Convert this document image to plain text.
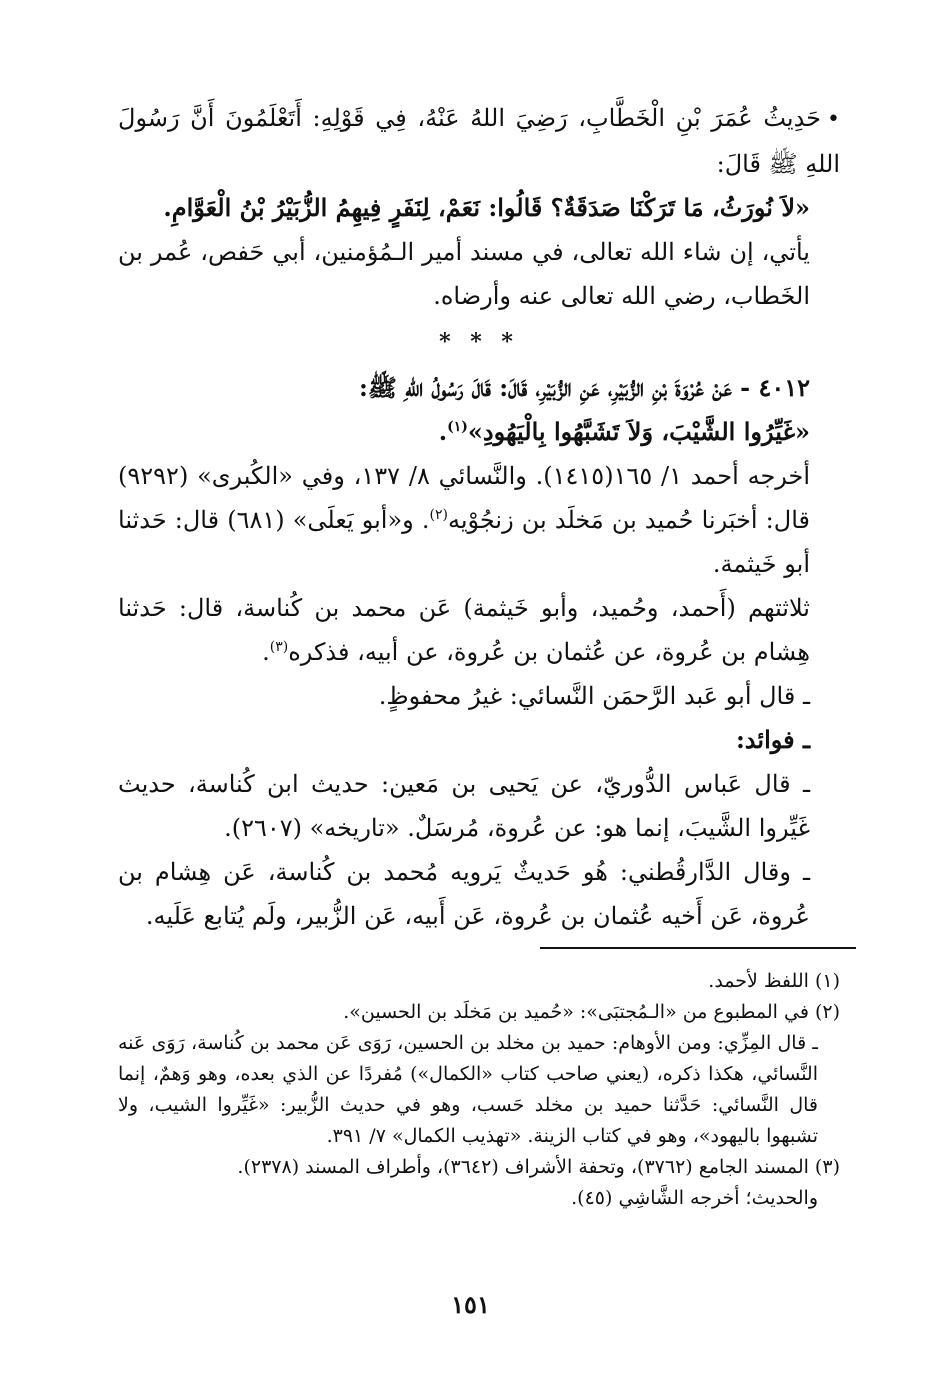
•حَدِيثُ عُمَرَ بْنِ الْخَطَّابِ، رَضِيَ اللهُ عَنْهُ، فِي قَوْلِهِ: أَتَعْلَمُونَ أَنَّ رَسُولَ اللهِ ﷺ قَالَ:

«لاَ نُورَثُ، مَا تَرَكْنَا صَدَقَةٌ؟ قَالُوا: نَعَمْ، لِنَفَرٍ فِيهِمُ الزُّبَيْرُ بْنُ الْعَوَّامِ.

يأتي، إن شاء الله تعالى، في مسند أمير الـمُؤمنين، أبي حَفص، عُمر بن الخَطاب، رضي الله تعالى عنه وأرضاه.

* * *

٤٠١٢ - عَنْ عُرْوَةَ بْنِ الزُّبَيْرِ، عَنِ الزُّبَيْرِ، قَالَ: قَالَ رَسُولُ اللهِ ﷺ:

«غَيِّرُوا الشَّيْبَ، وَلاَ تَشَبَّهُوا بِالْيَهُودِ»$^{(١)}$.

أخرجه أحمد ١/ ١٦٥(١٤١٥). والنَّسائي ٨/ ١٣٧، وفي «الكُبرى» (٩٢٩٢) قال: أخبَرنا حُميد بن مَخلَد بن زنجُوْيه$^{(٢)}$. و«أبو يَعلَى» (٦٨١) قال: حَدثنا أبو خَيثمة.

ثلاثتهم (أَحمد، وحُميد، وأبو خَيثمة) عَن محمد بن كُناسة، قال: حَدثنا هِشام بن عُروة، عن عُثمان بن عُروة، عن أبيه، فذكره$^{(٣)}$.

ـ قال أبو عَبد الرَّحمَن النَّسائي: غيرُ محفوظٍ.

ـ فوائد:

ـ قال عَباس الدُّوريّ، عن يَحيى بن مَعين: حديث ابن كُناسة، حديث غَيِّروا الشَّيبَ، إنما هو: عن عُروة، مُرسَلٌ. «تاريخه» (٢٦٠٧).

ـ وقال الدَّارقُطني: هُو حَديثٌ يَرويه مُحمد بن كُناسة، عَن هِشام بن عُروة، عَن أَخيه عُثمان بن عُروة، عَن أَبيه، عَن الزُّبير، ولَم يُتابع عَلَيه.

(١) اللفظ لأحمد.

(٢) في المطبوع من «الـمُجتبَى»: «حُميد بن مَخلَد بن الحسين».

ـ قال المِزِّي: ومن الأوهام: حميد بن مخلد بن الحسين، رَوَى عَن محمد بن كُناسة، رَوَى عَنه النَّسائي، هكذا ذكره، (يعني صاحب كتاب «الكمال») مُفردًا عن الذي بعده، وهو وَهمٌ، إنما قال النَّسائي: حَدَّثنا حميد بن مخلد حَسب، وهو في حديث الزُّبير: «غَيِّروا الشيب، ولا تشبهوا باليهود»، وهو في كتاب الزينة. «تهذيب الكمال» ٧/ ٣٩١.

(٣) المسند الجامع (٣٧٦٢)، وتحفة الأشراف (٣٦٤٢)، وأطراف المسند (٢٣٧٨).

والحديث؛ أخرجه الشَّاشِي (٤٥).

١٥١
